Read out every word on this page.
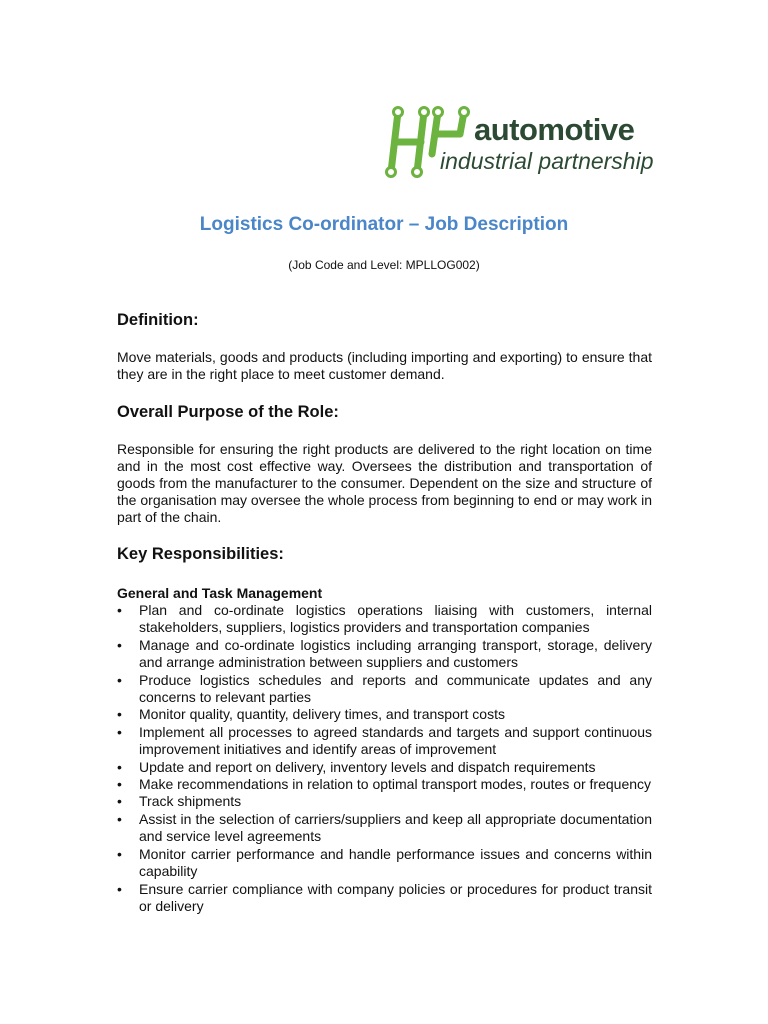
automotive
industrial partnership
Logistics Co-ordinator – Job Description
(Job Code and Level: MPLLOG002)
Definition:
Move materials, goods and products (including importing and exporting) to ensure that they are in the right place to meet customer demand.
Overall Purpose of the Role:
Responsible for ensuring the right products are delivered to the right location on time and in the most cost effective way. Oversees the distribution and transportation of goods from the manufacturer to the consumer. Dependent on the size and structure of the organisation may oversee the whole process from beginning to end or may work in part of the chain.
Key Responsibilities:
General and Task Management
• Plan and co-ordinate logistics operations liaising with customers, internal stakeholders, suppliers, logistics providers and transportation companies
• Manage and co-ordinate logistics including arranging transport, storage, delivery and arrange administration between suppliers and customers
• Produce logistics schedules and reports and communicate updates and any concerns to relevant parties
• Monitor quality, quantity, delivery times, and transport costs
• Implement all processes to agreed standards and targets and support continuous improvement initiatives and identify areas of improvement
• Update and report on delivery, inventory levels and dispatch requirements
• Make recommendations in relation to optimal transport modes, routes or frequency
• Track shipments
• Assist in the selection of carriers/suppliers and keep all appropriate documentation and service level agreements
• Monitor carrier performance and handle performance issues and concerns within capability
• Ensure carrier compliance with company policies or procedures for product transit or delivery
